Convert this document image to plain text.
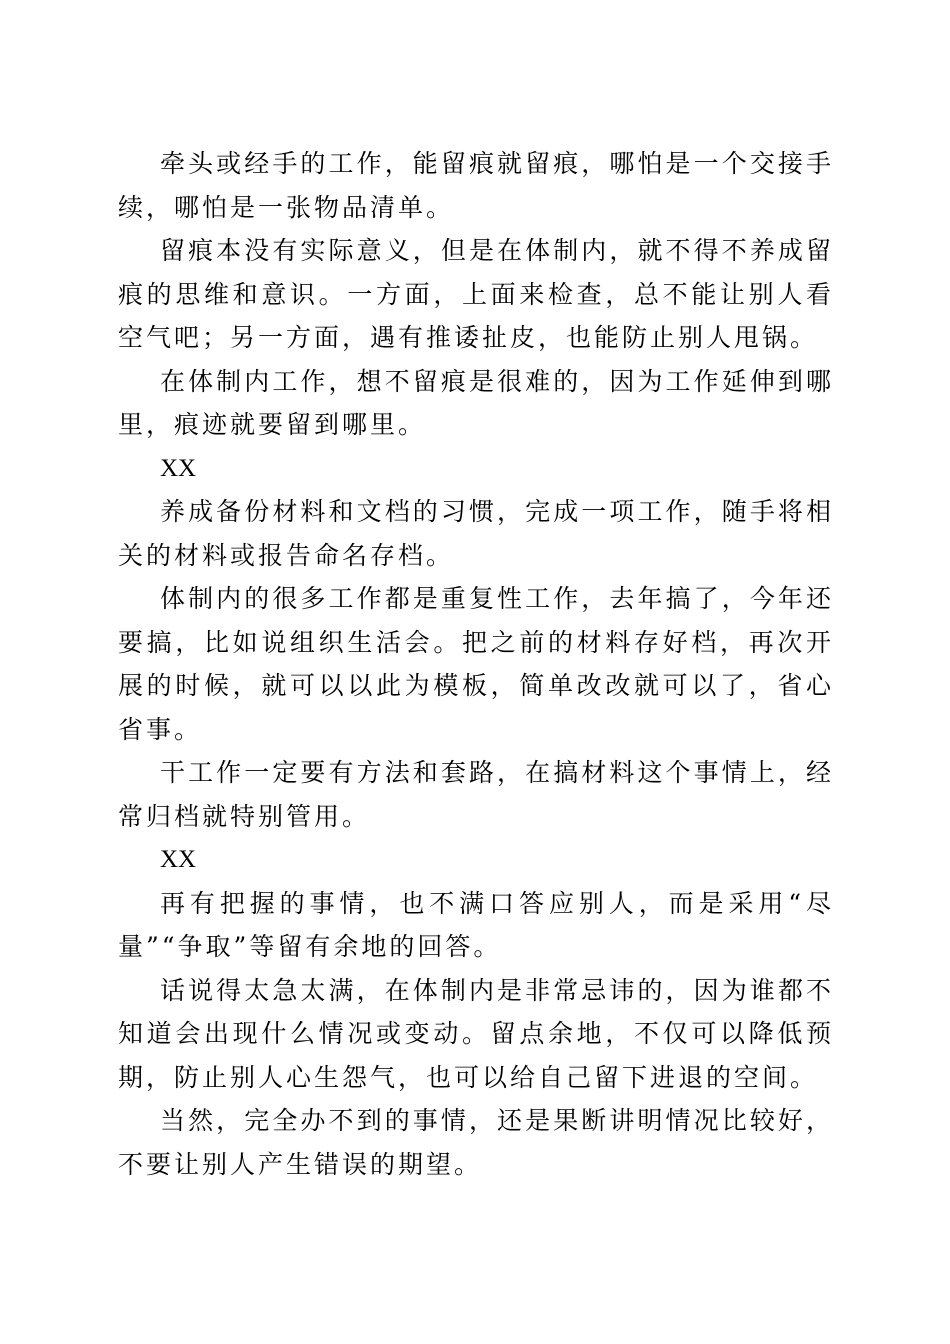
牵头或经手的工作，能留痕就留痕，哪怕是一个交接手续，哪怕是一张物品清单。

留痕本没有实际意义，但是在体制内，就不得不养成留痕的思维和意识。一方面，上面来检查，总不能让别人看空气吧；另一方面，遇有推诿扯皮，也能防止别人甩锅。

在体制内工作，想不留痕是很难的，因为工作延伸到哪里，痕迹就要留到哪里。

XX

养成备份材料和文档的习惯，完成一项工作，随手将相关的材料或报告命名存档。

体制内的很多工作都是重复性工作，去年搞了，今年还要搞，比如说组织生活会。把之前的材料存好档，再次开展的时候，就可以以此为模板，简单改改就可以了，省心省事。

干工作一定要有方法和套路，在搞材料这个事情上，经常归档就特别管用。

XX

再有把握的事情，也不满口答应别人，而是采用“尽量”“争取”等留有余地的回答。

话说得太急太满，在体制内是非常忌讳的，因为谁都不知道会出现什么情况或变动。留点余地，不仅可以降低预期，防止别人心生怨气，也可以给自己留下进退的空间。

当然，完全办不到的事情，还是果断讲明情况比较好，不要让别人产生错误的期望。
